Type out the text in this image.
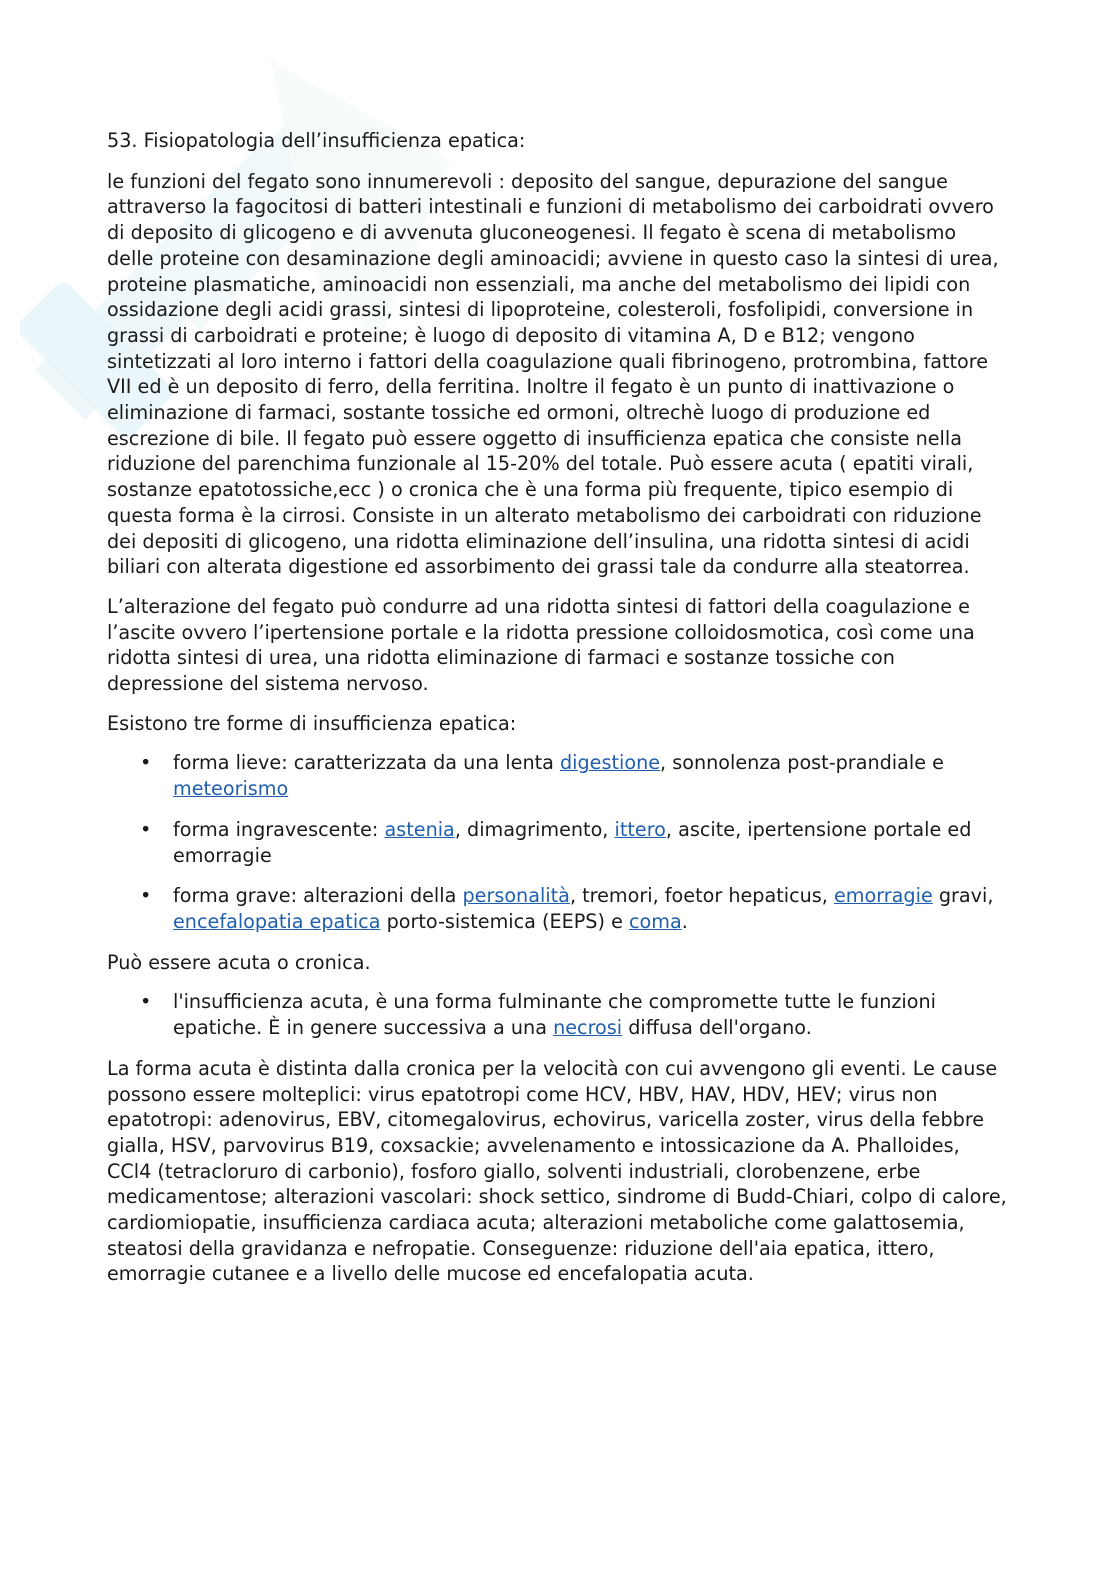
53. Fisiopatologia dell’insufficienza epatica:

le funzioni del fegato sono innumerevoli : deposito del sangue, depurazione del sangue attraverso la fagocitosi di batteri intestinali e funzioni di metabolismo dei carboidrati ovvero di deposito di glicogeno e di avvenuta gluconeogenesi. Il fegato è scena di metabolismo delle proteine con desaminazione degli aminoacidi; avviene in questo caso la sintesi di urea, proteine plasmatiche, aminoacidi non essenziali, ma anche del metabolismo dei lipidi con ossidazione degli acidi grassi, sintesi di lipoproteine, colesteroli, fosfolipidi, conversione in grassi di carboidrati e proteine; è luogo di deposito di vitamina A, D e B12; vengono sintetizzati al loro interno i fattori della coagulazione quali fibrinogeno, protrombina, fattore VII ed è un deposito di ferro, della ferritina. Inoltre il fegato è un punto di inattivazione o eliminazione di farmaci, sostante tossiche ed ormoni, oltrechè luogo di produzione ed escrezione di bile. Il fegato può essere oggetto di insufficienza epatica che consiste nella riduzione del parenchima funzionale al 15-20% del totale. Può essere acuta ( epatiti virali, sostanze epatotossiche,ecc ) o cronica che è una forma più frequente, tipico esempio di questa forma è la cirrosi. Consiste in un alterato metabolismo dei carboidrati con riduzione dei depositi di glicogeno, una ridotta eliminazione dell’insulina, una ridotta sintesi di acidi biliari con alterata digestione ed assorbimento dei grassi tale da condurre alla steatorrea.

L’alterazione del fegato può condurre ad una ridotta sintesi di fattori della coagulazione e l’ascite ovvero l’ipertensione portale e la ridotta pressione colloidosmotica, così come una ridotta sintesi di urea, una ridotta eliminazione di farmaci e sostanze tossiche con depressione del sistema nervoso.

Esistono tre forme di insufficienza epatica:

• forma lieve: caratterizzata da una lenta digestione, sonnolenza post-prandiale e meteorismo
• forma ingravescente: astenia, dimagrimento, ittero, ascite, ipertensione portale ed emorragie
• forma grave: alterazioni della personalità, tremori, foetor hepaticus, emorragie gravi, encefalopatia epatica porto-sistemica (EEPS) e coma.

Può essere acuta o cronica.

• l'insufficienza acuta, è una forma fulminante che compromette tutte le funzioni epatiche. È in genere successiva a una necrosi diffusa dell'organo.

La forma acuta è distinta dalla cronica per la velocità con cui avvengono gli eventi. Le cause possono essere molteplici: virus epatotropi come HCV, HBV, HAV, HDV, HEV; virus non epatotropi: adenovirus, EBV, citomegalovirus, echovirus, varicella zoster, virus della febbre gialla, HSV, parvovirus B19, coxsackie; avvelenamento e intossicazione da A. Phalloides, CCl4 (tetracloruro di carbonio), fosforo giallo, solventi industriali, clorobenzene, erbe medicamentose; alterazioni vascolari: shock settico, sindrome di Budd-Chiari, colpo di calore, cardiomiopatie, insufficienza cardiaca acuta; alterazioni metaboliche come galattosemia, steatosi della gravidanza e nefropatie. Conseguenze: riduzione dell'aia epatica, ittero, emorragie cutanee e a livello delle mucose ed encefalopatia acuta.
